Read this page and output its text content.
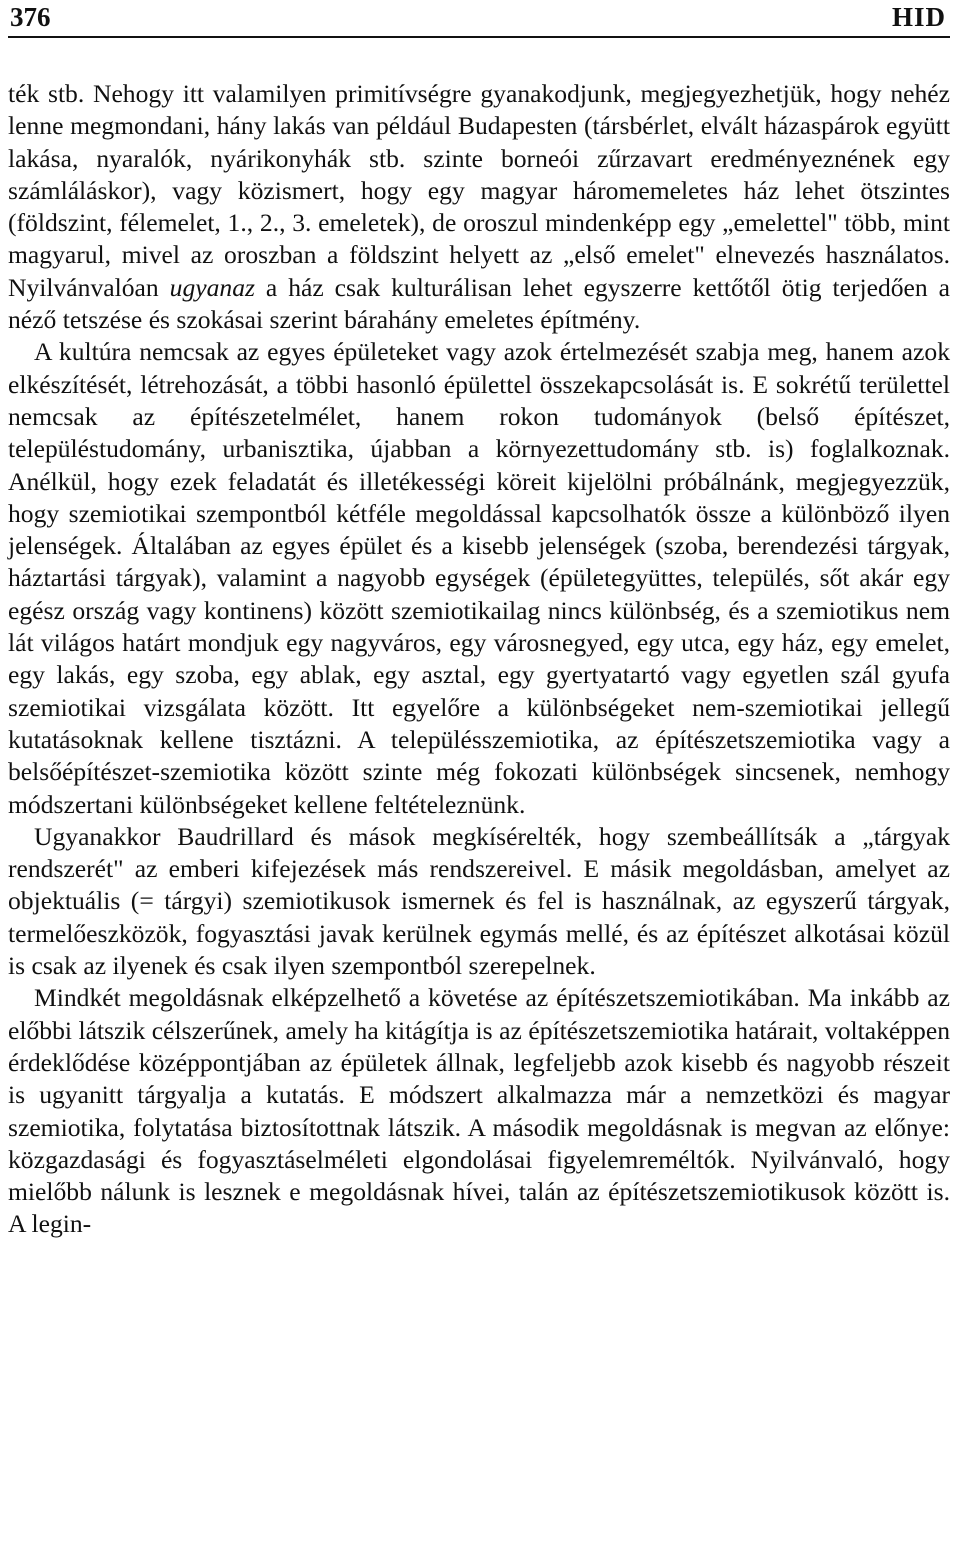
376	HID

ték stb. Nehogy itt valamilyen primitívségre gyanakodjunk, megjegyezhetjük, hogy nehéz lenne megmondani, hány lakás van például Budapesten (társbérlet, elvált házaspárok együtt lakása, nyaralók, nyárikonyhák stb. szinte borneói zűrzavart eredményeznének egy számláláskor), vagy közismert, hogy egy magyar háromemeletes ház lehet ötszintes (földszint, félemelet, 1., 2., 3. emeletek), de oroszul mindenképp egy „emelettel" több, mint magyarul, mivel az oroszban a földszint helyett az „első emelet" elnevezés használatos. Nyilvánvalóan ugyanaz a ház csak kulturálisan lehet egyszerre kettőtől ötig terjedően a néző tetszése és szokásai szerint bárahány emeletes építmény.

A kultúra nemcsak az egyes épületeket vagy azok értelmezését szabja meg, hanem azok elkészítését, létrehozását, a többi hasonló épülettel összekapcsolását is. E sokrétű területtel nemcsak az építészetelmélet, hanem rokon tudományok (belső építészet, településtudomány, urbanisztika, újabban a környezettudomány stb. is) foglalkoznak. Anélkül, hogy ezek feladatát és illetékességi köreit kijelölni próbálnánk, megjegyezzük, hogy szemiotikai szempontból kétféle megoldással kapcsolhatók össze a különböző ilyen jelenségek. Általában az egyes épület és a kisebb jelenségek (szoba, berendezési tárgyak, háztartási tárgyak), valamint a nagyobb egységek (épületegyüttes, település, sőt akár egy egész ország vagy kontinens) között szemiotikailag nincs különbség, és a szemiotikus nem lát világos határt mondjuk egy nagyváros, egy városnegyed, egy utca, egy ház, egy emelet, egy lakás, egy szoba, egy ablak, egy asztal, egy gyertyatartó vagy egyetlen szál gyufa szemiotikai vizsgálata között. Itt egyelőre a különbségeket nem-szemiotikai jellegű kutatásoknak kellene tisztázni. A településszemiotika, az építészetszemiotika vagy a belsőépítészet-szemiotika között szinte még fokozati különbségek sincsenek, nemhogy módszertani különbségeket kellene feltételeznünk.

Ugyanakkor Baudrillard és mások megkísérelték, hogy szembeállítsák a „tárgyak rendszerét" az emberi kifejezések más rendszereivel. E másik megoldásban, amelyet az objektuális (= tárgyi) szemiotikusok ismernek és fel is használnak, az egyszerű tárgyak, termelőeszközök, fogyasztási javak kerülnek egymás mellé, és az építészet alkotásai közül is csak az ilyenek és csak ilyen szempontból szerepelnek.

Mindkét megoldásnak elképzelhető a követése az építészetszemiotikában. Ma inkább az előbbi látszik célszerűnek, amely ha kitágítja is az építészetszemiotika határait, voltaképpen érdeklődése középpontjában az épületek állnak, legfeljebb azok kisebb és nagyobb részeit is ugyanitt tárgyalja a kutatás. E módszert alkalmazza már a nemzetközi és magyar szemiotika, folytatása biztosítottnak látszik. A második megoldásnak is megvan az előnye: közgazdasági és fogyasztáselméleti elgondolásai figyelemreméltók. Nyilvánvaló, hogy mielőbb nálunk is lesznek e megoldásnak hívei, talán az építészetszemiotikusok között is. A legin-
